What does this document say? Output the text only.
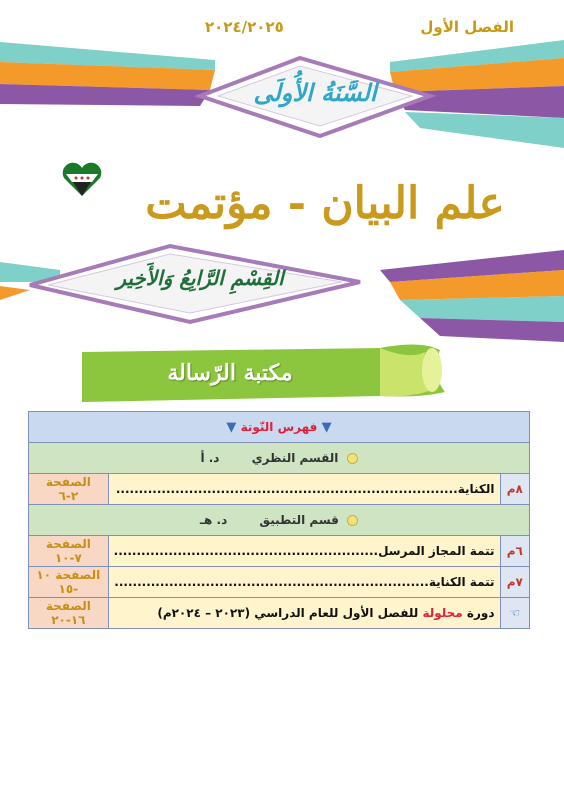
الفصل الأول
٢٠٢٤/٢٠٢٥
السَّنَةُ الأُولَى
القِسْمِ الرَّابِعُ وَالأَخِير
علم البيان - مؤتمت
مكتبة الرّسالة
▼ فهرس النّوتة ▼		
القسم النظري د. أ		
٨م	الكناية...........................................................................	الصفحة ٢-٦
قسم التطبيق د. هـ		
٦م	تتمة المجاز المرسل..........................................................	الصفحة ٧-١٠
٧م	تتمة الكناية.....................................................................	الصفحة ١٠ -١٥
☜	دورة محلولة للفصل الأول للعام الدراسي (٢٠٢٣ – ٢٠٢٤م)	الصفحة ١٦-٢٠
